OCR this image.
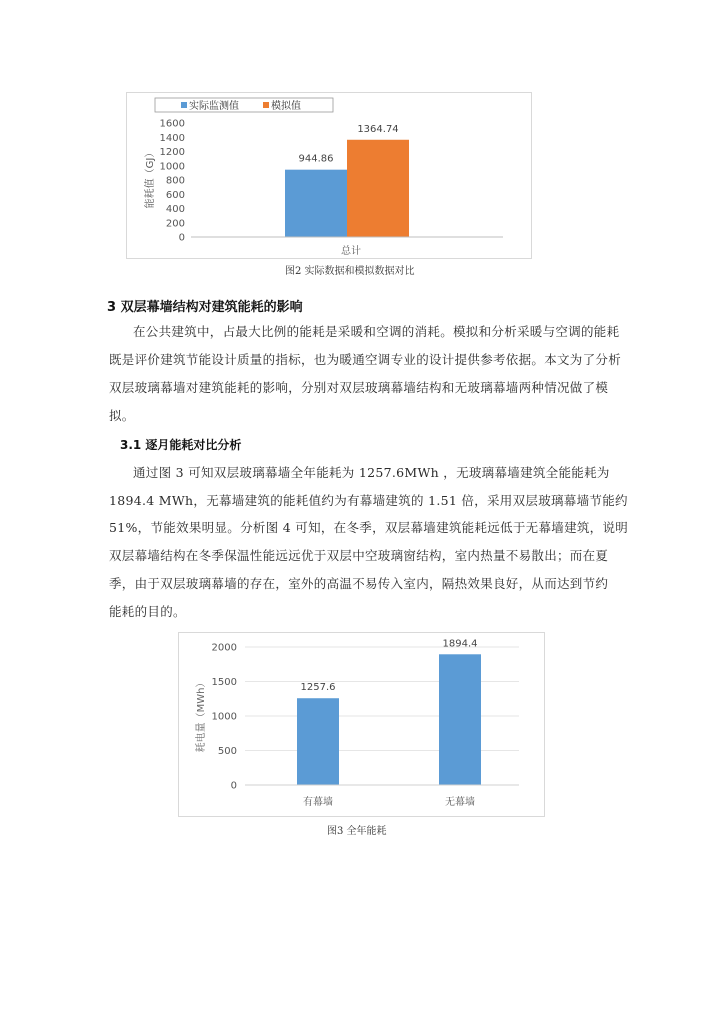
实际监测值	模拟值
能耗值（GJ）
0
200
400
600
800
1000
1200
1400
1600
944.86
1364.74
总计
图2 实际数据和模拟数据对比
3 双层幕墙结构对建筑能耗的影响
在公共建筑中，占最大比例的能耗是采暖和空调的消耗。模拟和分析采暖与空调的能耗
既是评价建筑节能设计质量的指标，也为暖通空调专业的设计提供参考依据。本文为了分析
双层玻璃幕墙对建筑能耗的影响，分别对双层玻璃幕墙结构和无玻璃幕墙两种情况做了模
拟。
3.1 逐月能耗对比分析
通过图 3 可知双层玻璃幕墙全年能耗为 1257.6MWh ，无玻璃幕墙建筑全能能耗为
1894.4 MWh，无幕墙建筑的能耗值约为有幕墙建筑的 1.51 倍，采用双层玻璃幕墙节能约
51%，节能效果明显。分析图 4 可知，在冬季，双层幕墙建筑能耗远低于无幕墙建筑，说明
双层幕墙结构在冬季保温性能远远优于双层中空玻璃窗结构，室内热量不易散出；而在夏
季，由于双层玻璃幕墙的存在，室外的高温不易传入室内，隔热效果良好，从而达到节约
能耗的目的。
耗电量（MWh）
0
500
1000
1500
2000
1257.6
1894.4
有幕墙	无幕墙
图3 全年能耗
